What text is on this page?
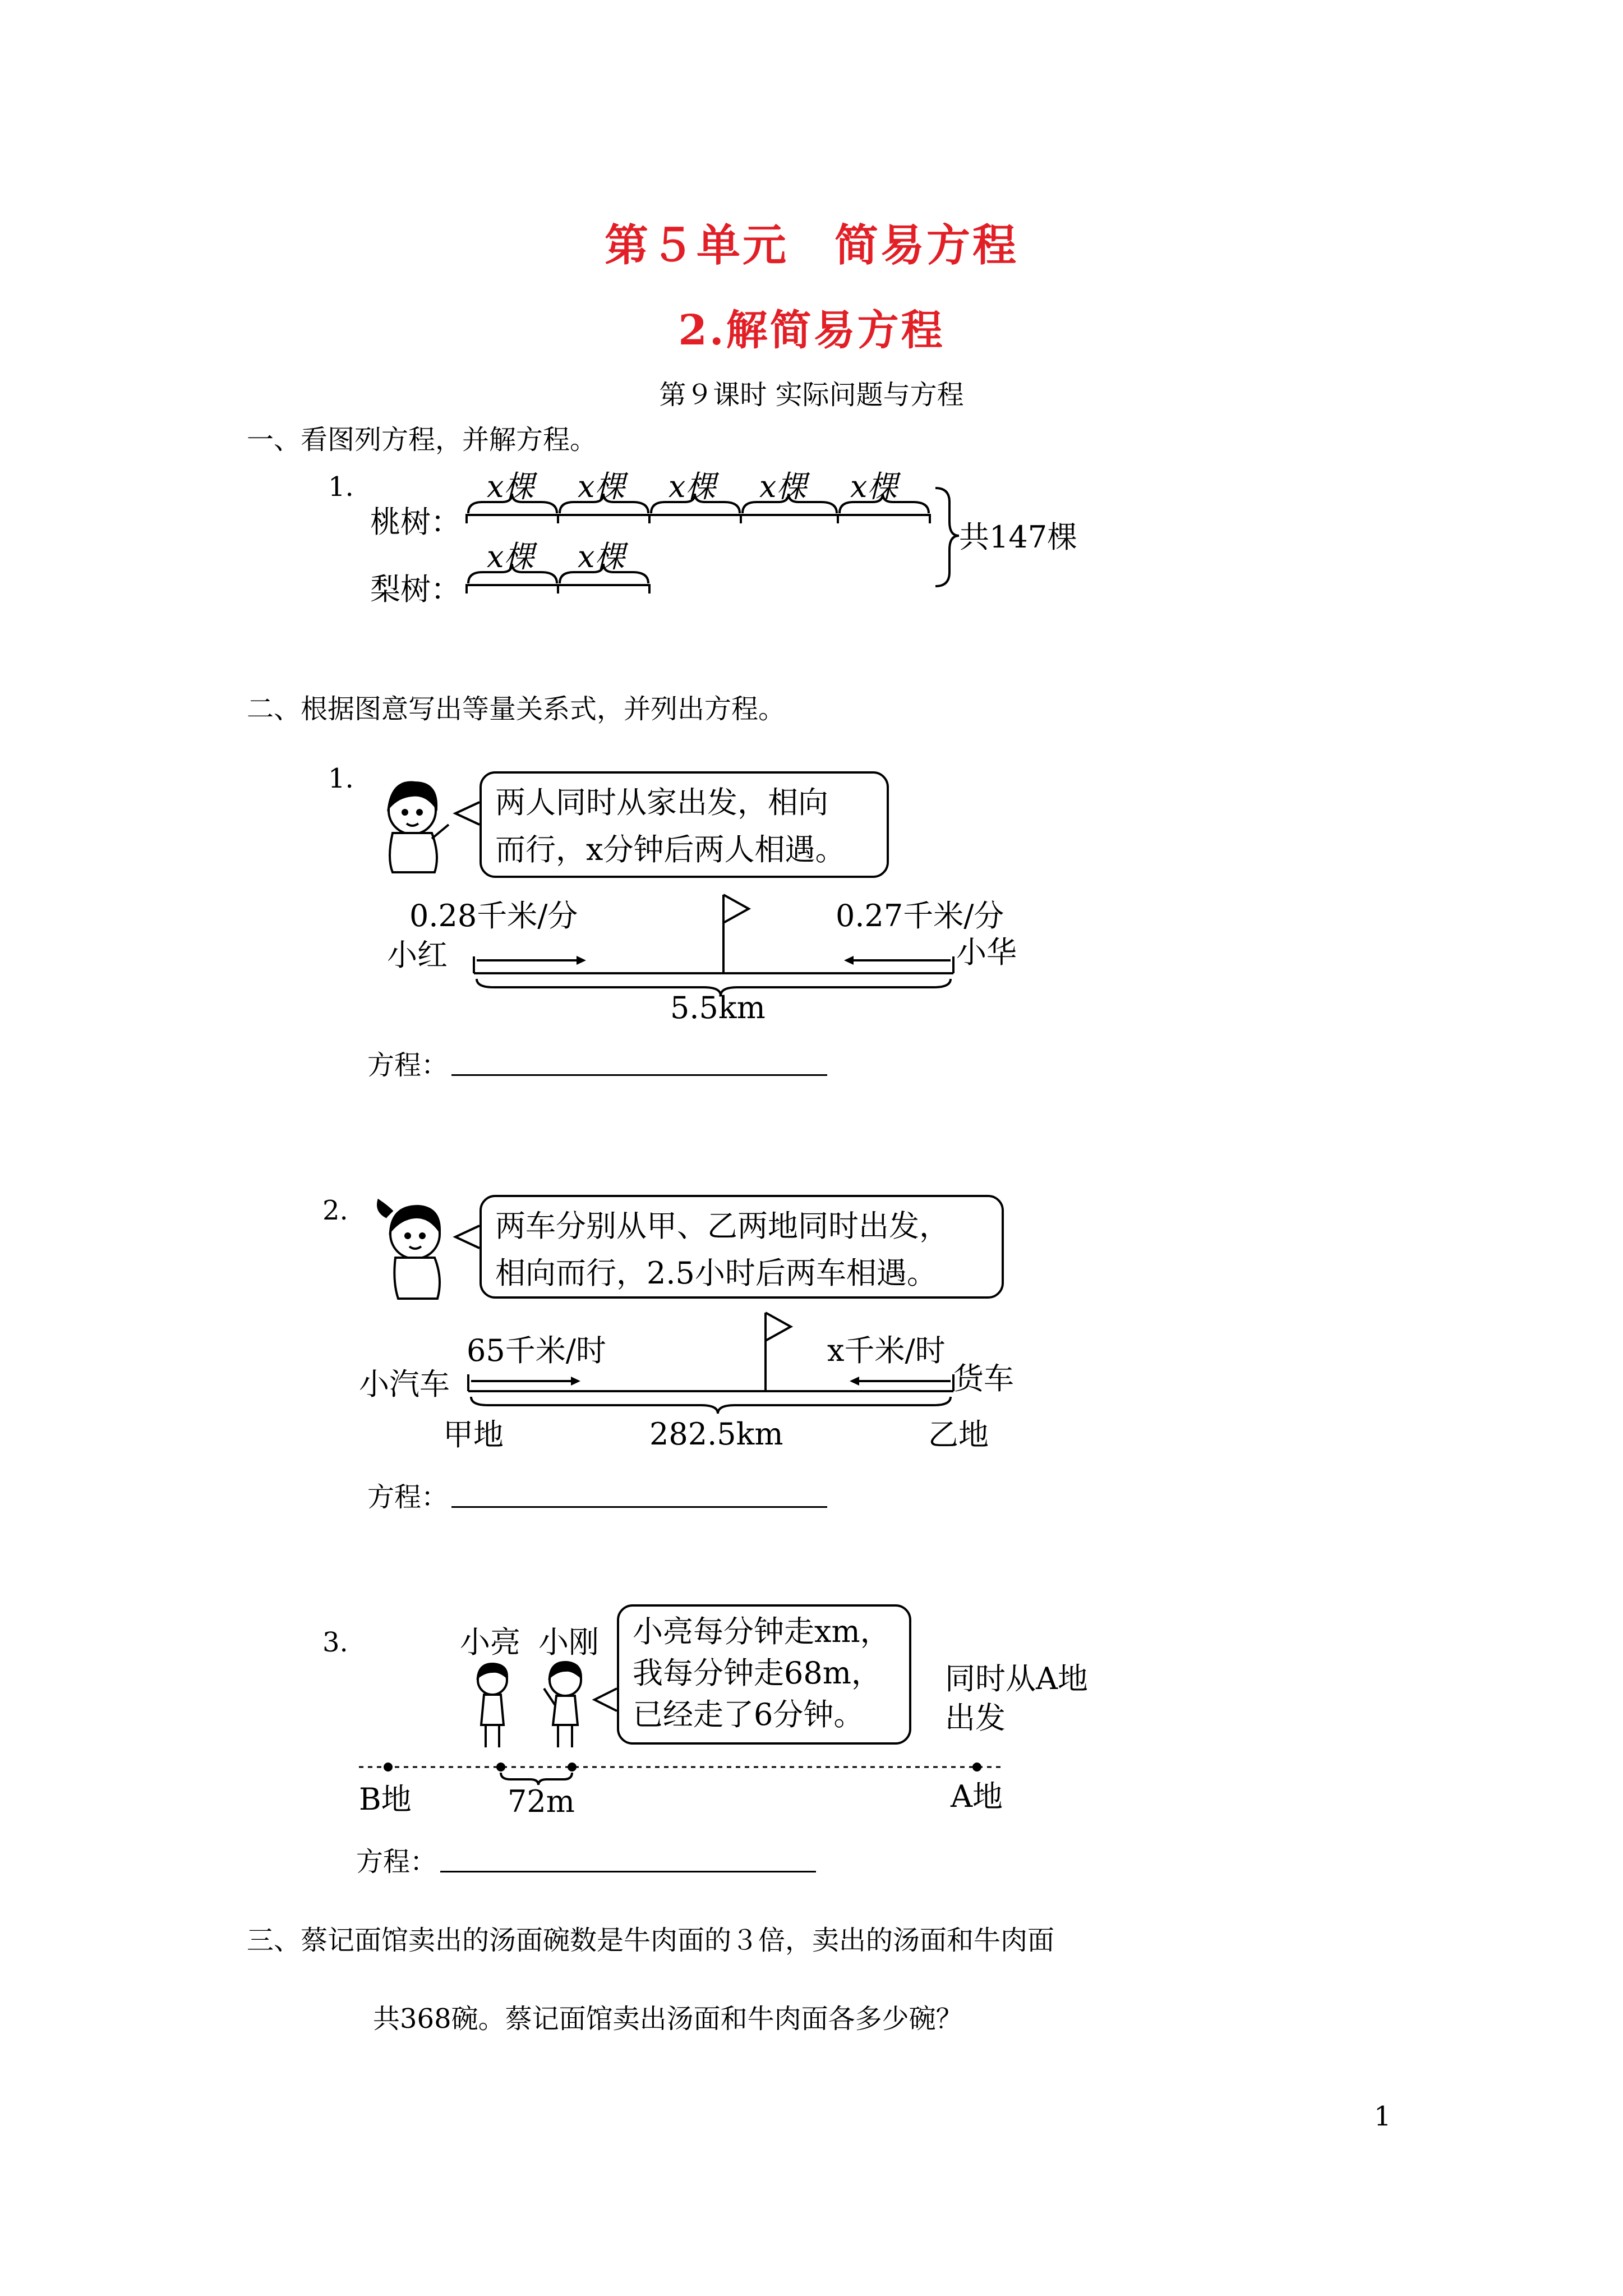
第５单元　简易方程
2.解简易方程
第９课时 实际问题与方程
一、看图列方程，并解方程。
1.
桃树：
梨树：
x棵 x棵 x棵 x棵 x棵
x棵 x棵
共147棵
二、根据图意写出等量关系式，并列出方程。
1.
两人同时从家出发，相向
而行，x分钟后两人相遇。
0.28千米/分	0.27千米/分
小红	小华
5.5km
方程：
2.	两车分别从甲、乙两地同时出发，
相向而行，2.5小时后两车相遇。
65千米/时	x千米/时
小汽车	货车
甲地	282.5km	乙地
方程：
3.	小亮 小刚 小亮每分钟走xm，
我每分钟走68m，
已经走了6分钟。
同时从A地
出发
B地	A地
72m
方程：
三、蔡记面馆卖出的汤面碗数是牛肉面的３倍，卖出的汤面和牛肉面
共368碗。蔡记面馆卖出汤面和牛肉面各多少碗？
1
